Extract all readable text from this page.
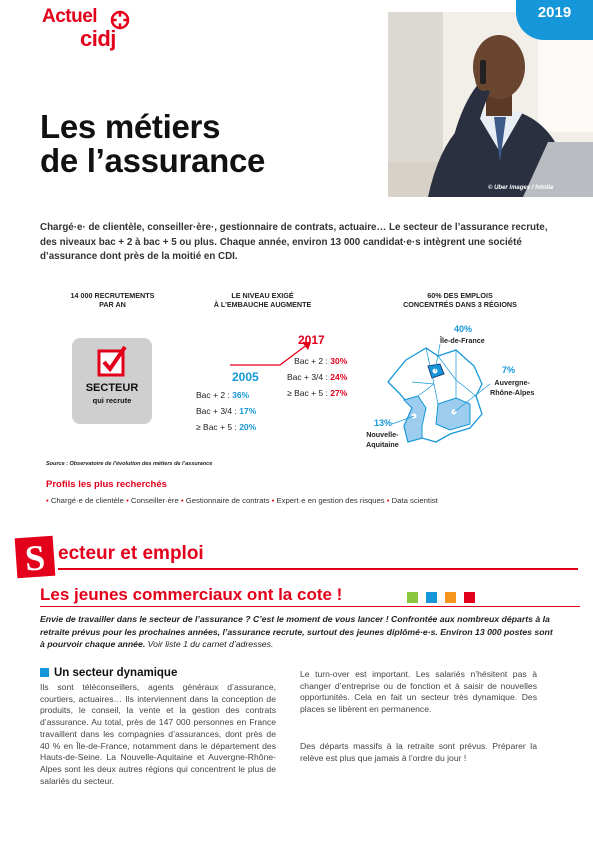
Actuel
cidj
2019
© Uber images / fotolia
Les métiers
de l’assurance
Chargé·e· de clientèle, conseiller·ère·, gestionnaire de contrats, actuaire… Le secteur de l’assurance recrute, des niveaux bac + 2 à bac + 5 ou plus. Chaque année, environ 13 000 candidat·e·s intègrent une société d’assurance dont près de la moitié en CDI.
14 000 RECRUTEMENTS
PAR AN
SECTEUR
qui recrute
LE NIVEAU EXIGÉ
À L’EMBAUCHE AUGMENTE
2017
Bac + 2 : 30%
Bac + 3/4 : 24%
≥ Bac + 5 : 27%
2005
Bac + 2 : 36%
Bac + 3/4 : 17%
≥ Bac + 5 : 20%
60% DES EMPLOIS
CONCENTRÉS DANS 3 RÉGIONS
40%
Île-de-France
7%
Auvergne-
Rhône-Alpes
13%
Nouvelle-
Aquitaine
Source : Observatoire de l’évolution des métiers de l’assurance
Profils les plus recherchés
• Chargé·e de clientèle • Conseiller·ère • Gestionnaire de contrats • Expert·e en gestion des risques • Data scientist
S ecteur et emploi
Les jeunes commerciaux ont la cote !
Envie de travailler dans le secteur de l’assurance ? C’est le moment de vous lancer ! Confrontée aux nombreux départs à la retraite prévus pour les prochaines années, l’assurance recrute, surtout des jeunes diplômé·e·s. Environ 13 000 postes sont à pourvoir chaque année. Voir liste 1 du carnet d’adresses.
Un secteur dynamique
Ils sont téléconseillers, agents généraux d’assurance, courtiers, actuaires… Ils interviennent dans la conception de produits, le conseil, la vente et la gestion des contrats d’assurance. Au total, près de 147 000 personnes en France travaillent dans les compagnies d’assurances, dont près de 40 % en Île-de-France, notamment dans le département des Hauts-de-Seine. La Nouvelle-Aquitaine et Auvergne-Rhône-Alpes sont les deux autres régions qui concentrent le plus de salariés du secteur.
Le turn-over est important. Les salariés n’hésitent pas à changer d’entreprise ou de fonction et à saisir de nouvelles opportunités. Cela en fait un secteur très dynamique. Des places se libèrent en permanence.
Des départs massifs à la retraite sont prévus. Préparer la relève est plus que jamais à l’ordre du jour !
